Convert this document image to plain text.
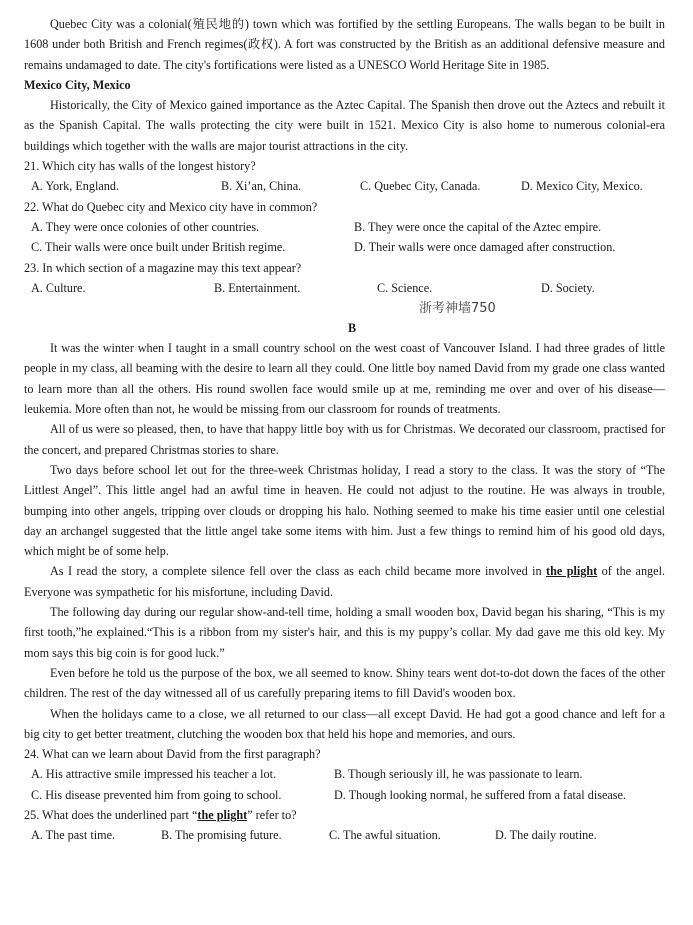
Quebec City was a colonial(殖民地的) town which was fortified by the settling Europeans. The walls began to be built in 1608 under both British and French regimes(政权). A fort was constructed by the British as an additional defensive measure and remains undamaged to date. The city's fortifications were listed as a UNESCO World Heritage Site in 1985.

Mexico City, Mexico

Historically, the City of Mexico gained importance as the Aztec Capital. The Spanish then drove out the Aztecs and rebuilt it as the Spanish Capital. The walls protecting the city were built in 1521. Mexico City is also home to numerous colonial-era buildings which together with the walls are major tourist attractions in the city.

21. Which city has walls of the longest history?

A. York, England.	B. Xi’an, China.	C. Quebec City, Canada.	D. Mexico City, Mexico.

22. What do Quebec city and Mexico city have in common?

A. They were once colonies of other countries.	B. They were once the capital of the Aztec empire.
C. Their walls were once built under British regime.	D. Their walls were once damaged after construction.

23. In which section of a magazine may this text appear?

A. Culture.	B. Entertainment.	C. Science.	D. Society.
浙考神墙750
B

It was the winter when I taught in a small country school on the west coast of Vancouver Island. I had three grades of little people in my class, all beaming with the desire to learn all they could. One little boy named David from my grade one class wanted to learn more than all the others. His round swollen face would smile up at me, reminding me over and over of his disease—leukemia. More often than not, he would be missing from our classroom for rounds of treatments.

All of us were so pleased, then, to have that happy little boy with us for Christmas. We decorated our classroom, practised for the concert, and prepared Christmas stories to share.

Two days before school let out for the three-week Christmas holiday, I read a story to the class. It was the story of “The Littlest Angel”. This little angel had an awful time in heaven. He could not adjust to the routine. He was always in trouble, bumping into other angels, tripping over clouds or dropping his halo. Nothing seemed to make his time easier until one celestial day an archangel suggested that the little angel take some items with him. Just a few things to remind him of his good old days, which might be of some help.

As I read the story, a complete silence fell over the class as each child became more involved in the plight of the angel. Everyone was sympathetic for his misfortune, including David.

The following day during our regular show-and-tell time, holding a small wooden box, David began his sharing, “This is my first tooth,”he explained.“This is a ribbon from my sister's hair, and this is my puppy’s collar. My dad gave me this old key. My mom says this big coin is for good luck.”

Even before he told us the purpose of the box, we all seemed to know. Shiny tears went dot-to-dot down the faces of the other children. The rest of the day witnessed all of us carefully preparing items to fill David's wooden box.

When the holidays came to a close, we all returned to our class—all except David. He had got a good chance and left for a big city to get better treatment, clutching the wooden box that held his hope and memories, and ours.

24. What can we learn about David from the first paragraph?

A. His attractive smile impressed his teacher a lot.	B. Though seriously ill, he was passionate to learn.
C. His disease prevented him from going to school.	D. Though looking normal, he suffered from a fatal disease.

25. What does the underlined part “the plight” refer to?

A. The past time.	B. The promising future.	C. The awful situation.	D. The daily routine.
